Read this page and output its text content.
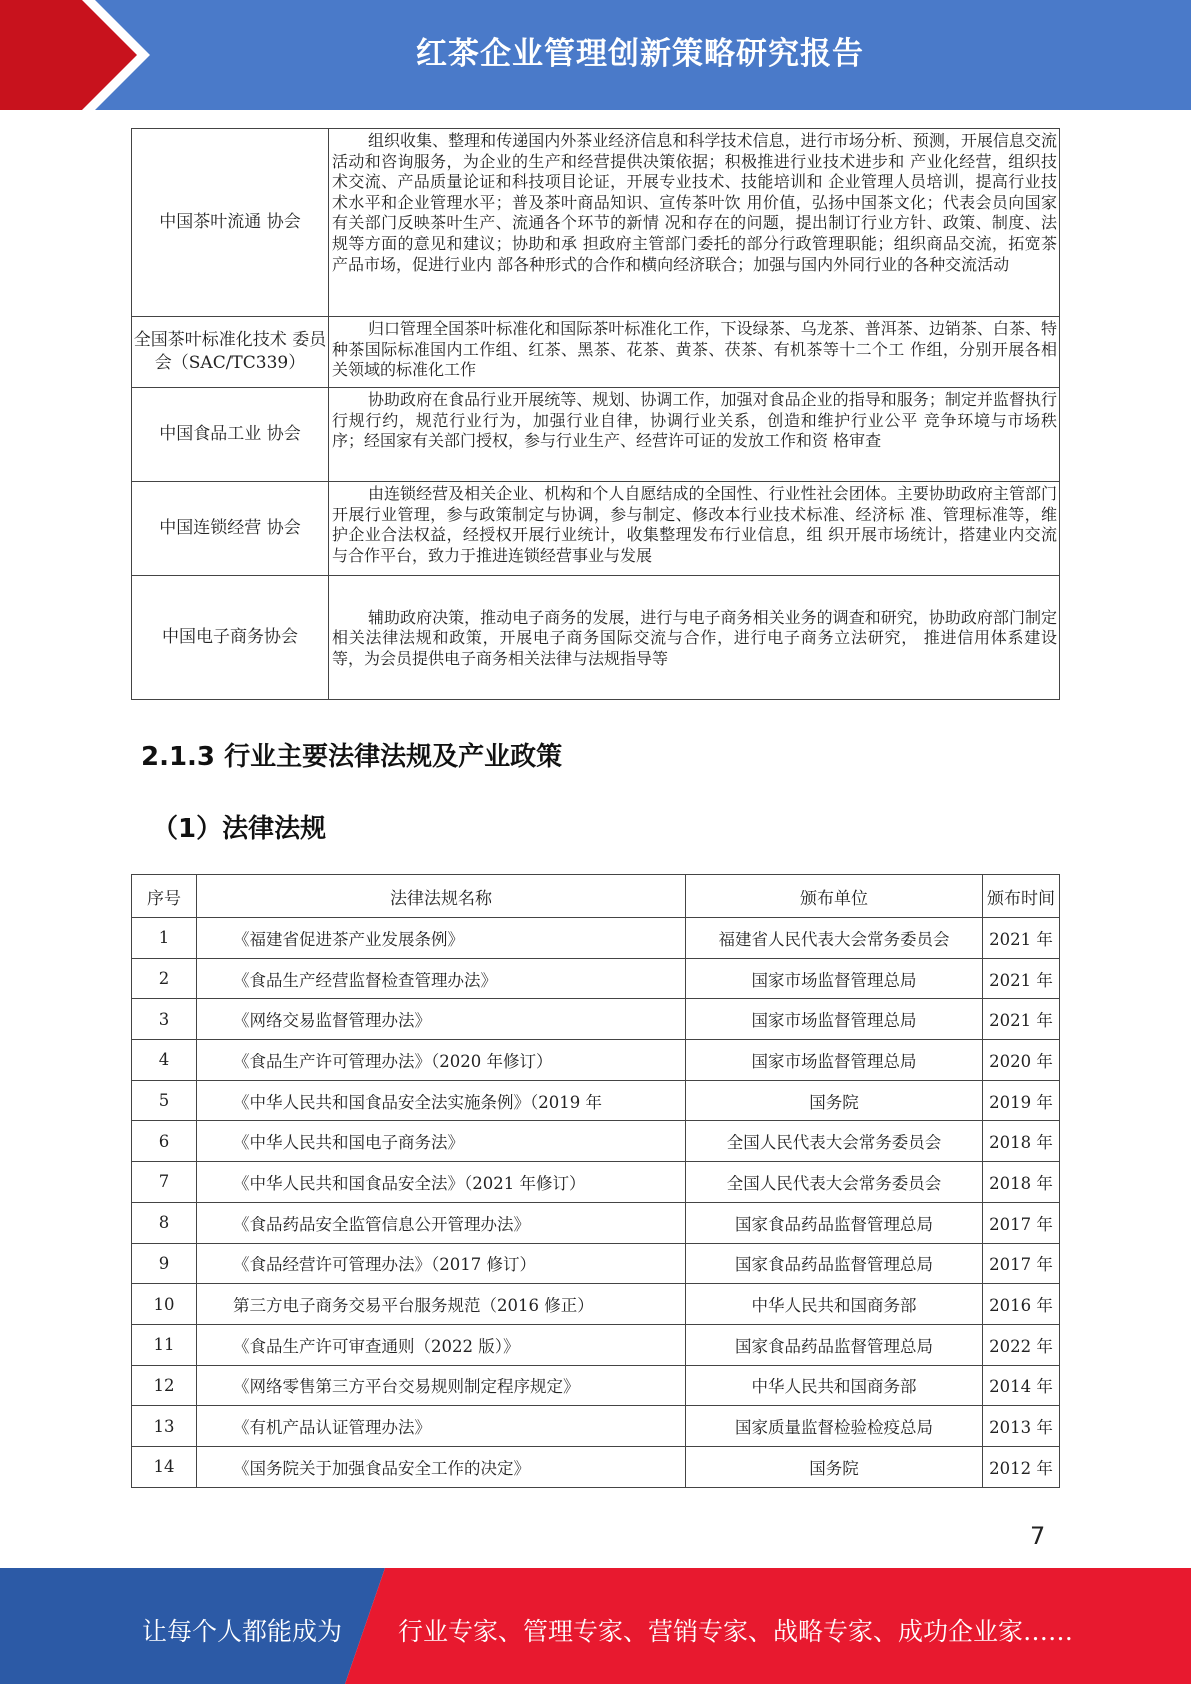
红茶企业管理创新策略研究报告
中国茶叶流通 协会	组织收集、整理和传递国内外茶业经济信息和科学技术信息，进行市场分析、预测，开展信息交流活动和咨询服务，为企业的生产和经营提供决策依据；积极推进行业技术进步和 产业化经营，组织技术交流、产品质量论证和科技项目论证，开展专业技术、技能培训和 企业管理人员培训，提高行业技术水平和企业管理水平；普及茶叶商品知识、宣传茶叶饮 用价值，弘扬中国茶文化；代表会员向国家有关部门反映茶叶生产、流通各个环节的新情 况和存在的问题，提出制订行业方针、政策、制度、法规等方面的意见和建议；协助和承 担政府主管部门委托的部分行政管理职能；组织商品交流，拓宽茶产品市场，促进行业内 部各种形式的合作和横向经济联合；加强与国内外同行业的各种交流活动
全国茶叶标准化技术 委员会（SAC/TC339）	归口管理全国茶叶标准化和国际茶叶标准化工作，下设绿茶、乌龙茶、普洱茶、边销茶、白茶、特种茶国际标准国内工作组、红茶、黑茶、花茶、黄茶、茯茶、有机茶等十二个工 作组，分别开展各相关领域的标准化工作
中国食品工业 协会	协助政府在食品行业开展统等、规划、协调工作，加强对食品企业的指导和服务；制定并监督执行行规行约，规范行业行为，加强行业自律，协调行业关系，创造和维护行业公平 竞争环境与市场秩序；经国家有关部门授权，参与行业生产、经营许可证的发放工作和资 格审查
中国连锁经营 协会	由连锁经营及相关企业、机构和个人自愿结成的全国性、行业性社会团体。主要协助政府主管部门开展行业管理，参与政策制定与协调，参与制定、修改本行业技术标准、经济标 准、管理标准等，维护企业合法权益，经授权开展行业统计，收集整理发布行业信息，组 织开展市场统计，搭建业内交流与合作平台，致力于推进连锁经营事业与发展
中国电子商务协会	辅助政府决策，推动电子商务的发展，进行与电子商务相关业务的调查和研究，协助政府部门制定相关法律法规和政策，开展电子商务国际交流与合作，进行电子商务立法研究， 推进信用体系建设等，为会员提供电子商务相关法律与法规指导等
2.1.3 行业主要法律法规及产业政策
（1）法律法规
序号	法律法规名称	颁布单位	颁布时间
1	《福建省促进茶产业发展条例》	福建省人民代表大会常务委员会	2021 年
2	《食品生产经营监督检查管理办法》	国家市场监督管理总局	2021 年
3	《网络交易监督管理办法》	国家市场监督管理总局	2021 年
4	《食品生产许可管理办法》（2020 年修订）	国家市场监督管理总局	2020 年
5	《中华人民共和国食品安全法实施条例》（2019 年	国务院	2019 年
6	《中华人民共和国电子商务法》	全国人民代表大会常务委员会	2018 年
7	《中华人民共和国食品安全法》（2021 年修订）	全国人民代表大会常务委员会	2018 年
8	《食品药品安全监管信息公开管理办法》	国家食品药品监督管理总局	2017 年
9	《食品经营许可管理办法》（2017 修订）	国家食品药品监督管理总局	2017 年
10	第三方电子商务交易平台服务规范（2016 修正）	中华人民共和国商务部	2016 年
11	《食品生产许可审查通则（2022 版）》	国家食品药品监督管理总局	2022 年
12	《网络零售第三方平台交易规则制定程序规定》	中华人民共和国商务部	2014 年
13	《有机产品认证管理办法》	国家质量监督检验检疫总局	2013 年
14	《国务院关于加强食品安全工作的决定》	国务院	2012 年
7
让每个人都能成为 行业专家、管理专家、营销专家、战略专家、成功企业家……
